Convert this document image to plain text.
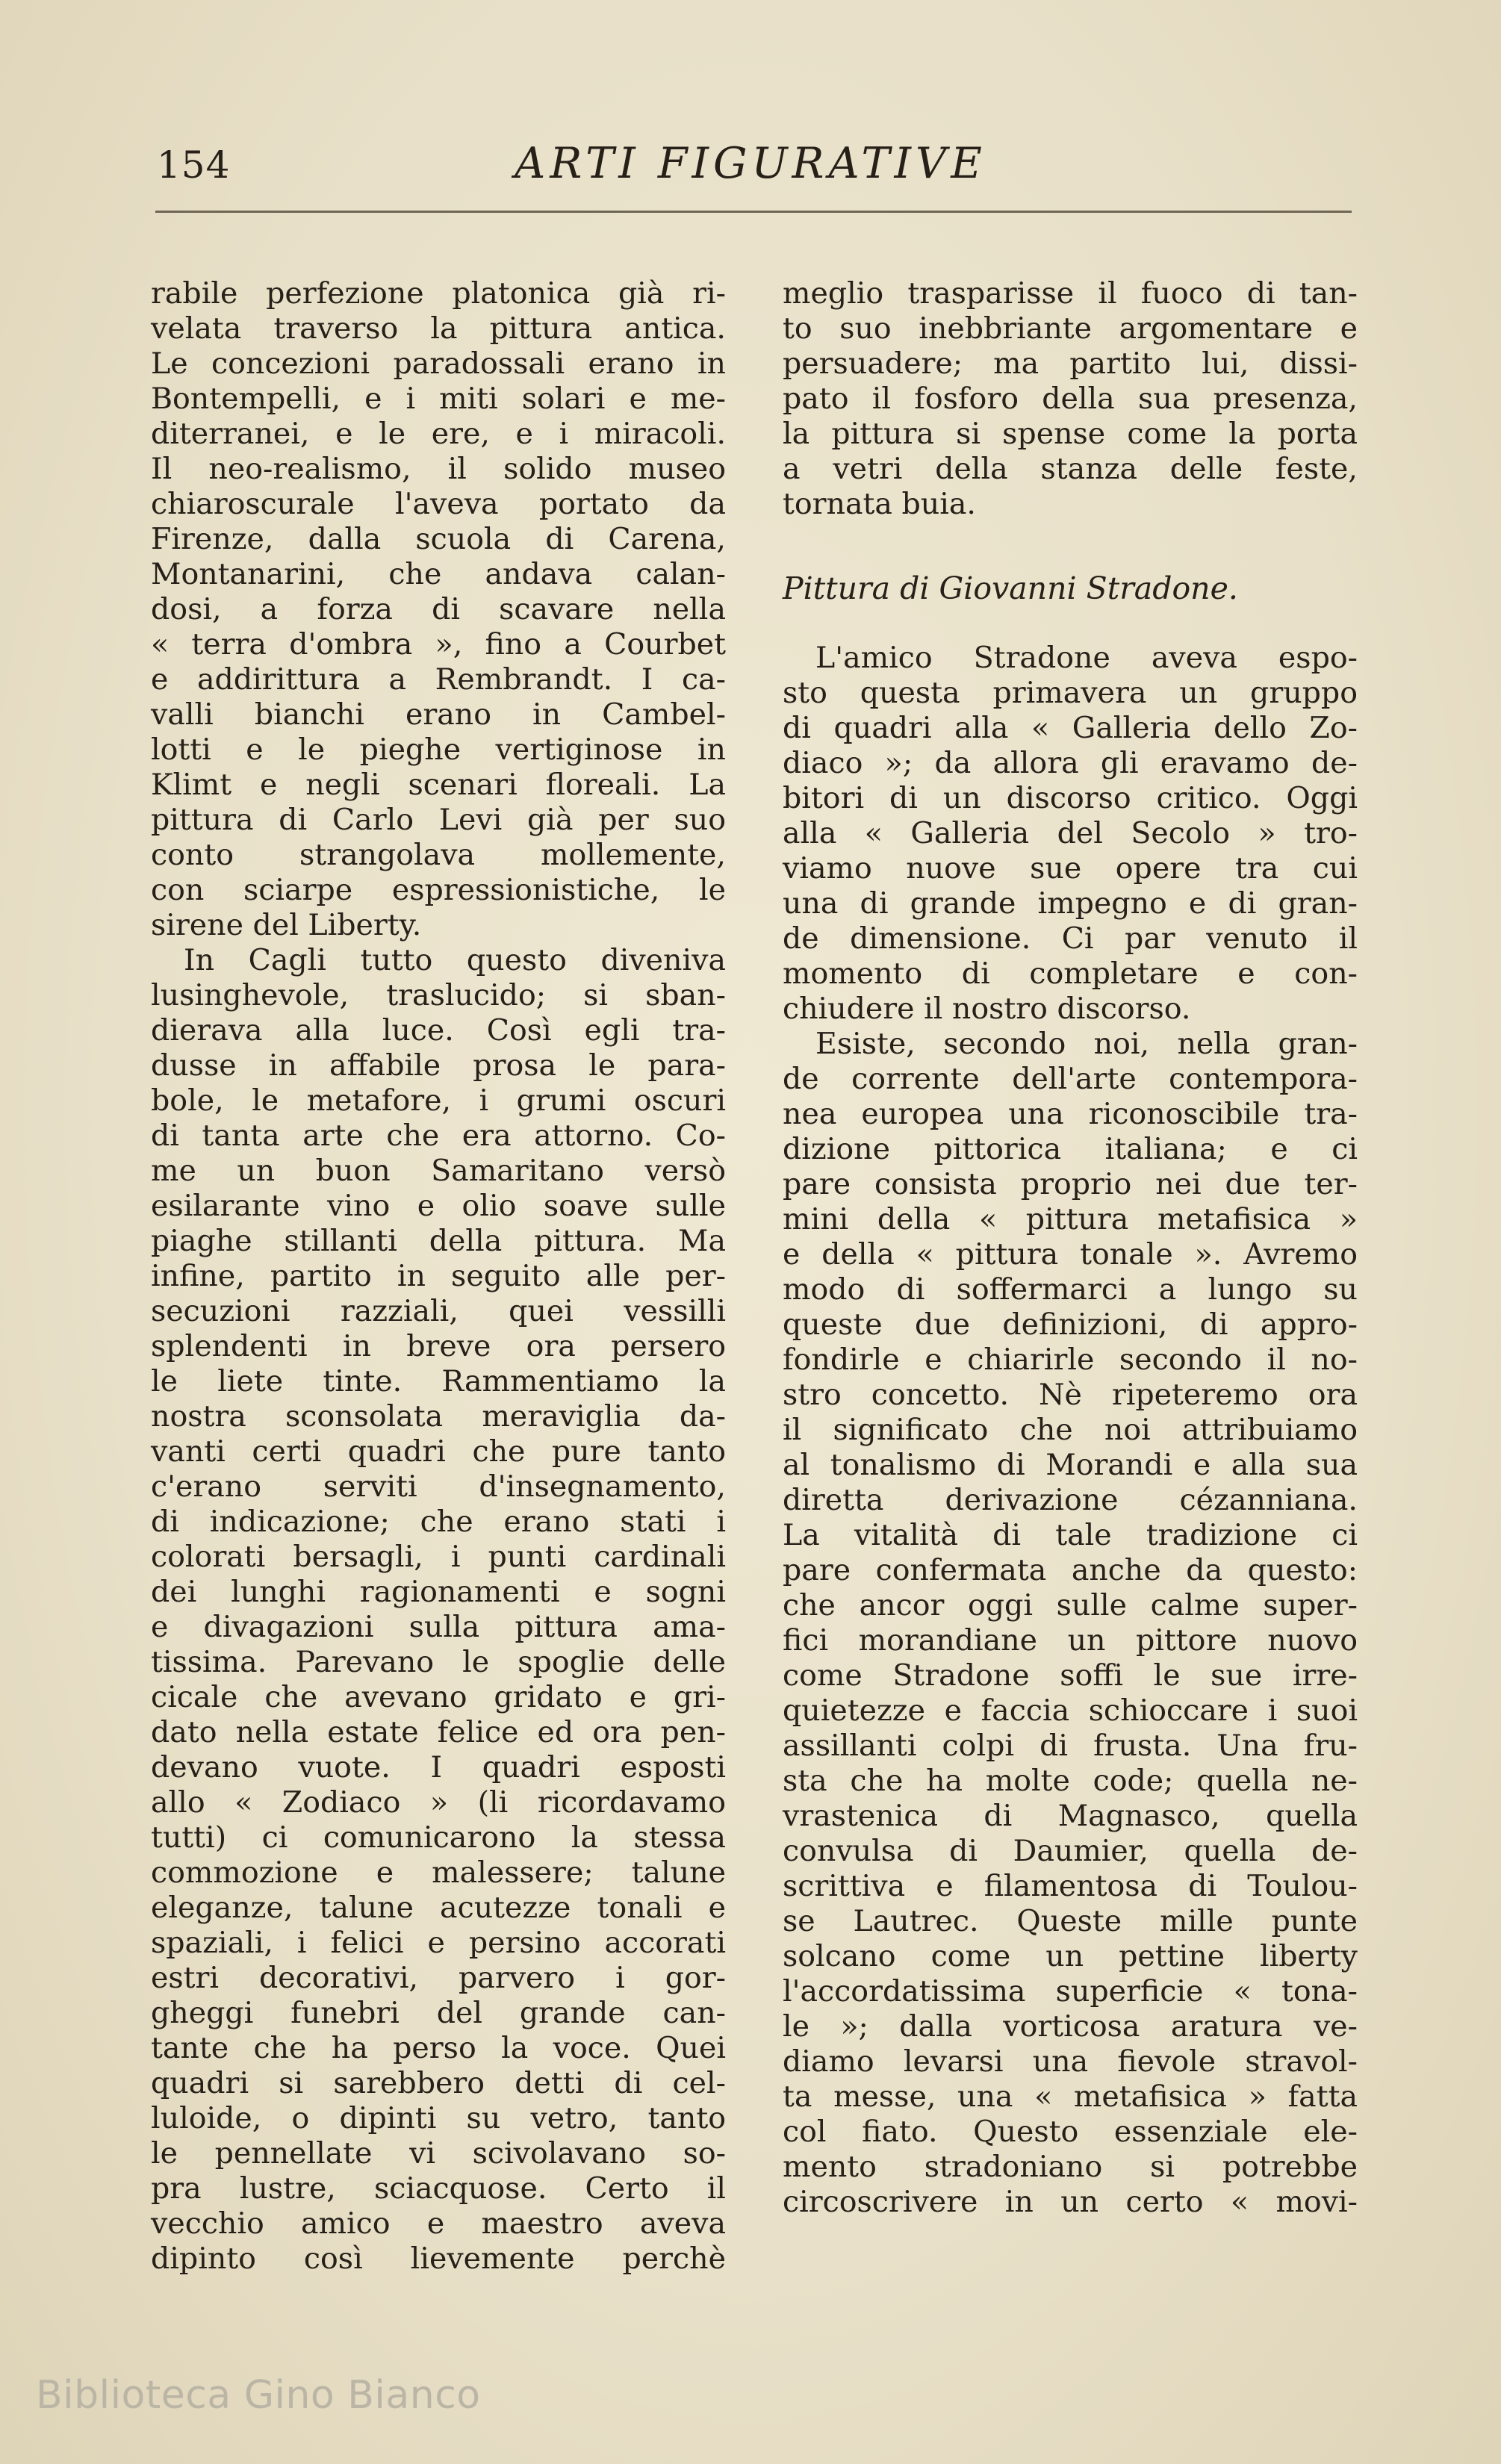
154	ARTI FIGURATIVE
rabile perfezione platonica già ri-
velata traverso la pittura antica.
Le concezioni paradossali erano in
Bontempelli, e i miti solari e me-
diterranei, e le ere, e i miracoli.
Il neo-realismo, il solido museo
chiaroscurale l'aveva portato da
Firenze, dalla scuola di Carena,
Montanarini, che andava calan-
dosi, a forza di scavare nella
« terra d'ombra », fino a Courbet
e addirittura a Rembrandt. I ca-
valli bianchi erano in Cambel-
lotti e le pieghe vertiginose in
Klimt e negli scenari floreali. La
pittura di Carlo Levi già per suo
conto strangolava mollemente,
con sciarpe espressionistiche, le
sirene del Liberty.
In Cagli tutto questo diveniva
lusinghevole, traslucido; si sban-
dierava alla luce. Così egli tra-
dusse in affabile prosa le para-
bole, le metafore, i grumi oscuri
di tanta arte che era attorno. Co-
me un buon Samaritano versò
esilarante vino e olio soave sulle
piaghe stillanti della pittura. Ma
infine, partito in seguito alle per-
secuzioni razziali, quei vessilli
splendenti in breve ora persero
le liete tinte. Rammentiamo la
nostra sconsolata meraviglia da-
vanti certi quadri che pure tanto
c'erano serviti d'insegnamento,
di indicazione; che erano stati i
colorati bersagli, i punti cardinali
dei lunghi ragionamenti e sogni
e divagazioni sulla pittura ama-
tissima. Parevano le spoglie delle
cicale che avevano gridato e gri-
dato nella estate felice ed ora pen-
devano vuote. I quadri esposti
allo « Zodiaco » (li ricordavamo
tutti) ci comunicarono la stessa
commozione e malessere; talune
eleganze, talune acutezze tonali e
spaziali, i felici e persino accorati
estri decorativi, parvero i gor-
gheggi funebri del grande can-
tante che ha perso la voce. Quei
quadri si sarebbero detti di cel-
luloide, o dipinti su vetro, tanto
le pennellate vi scivolavano so-
pra lustre, sciacquose. Certo il
vecchio amico e maestro aveva
dipinto così lievemente perchè
meglio trasparisse il fuoco di tan-
to suo inebbriante argomentare e
persuadere; ma partito lui, dissi-
pato il fosforo della sua presenza,
la pittura si spense come la porta
a vetri della stanza delle feste,
tornata buia.
Pittura di Giovanni Stradone.
L'amico Stradone aveva espo-
sto questa primavera un gruppo
di quadri alla « Galleria dello Zo-
diaco »; da allora gli eravamo de-
bitori di un discorso critico. Oggi
alla « Galleria del Secolo » tro-
viamo nuove sue opere tra cui
una di grande impegno e di gran-
de dimensione. Ci par venuto il
momento di completare e con-
chiudere il nostro discorso.
Esiste, secondo noi, nella gran-
de corrente dell'arte contempora-
nea europea una riconoscibile tra-
dizione pittorica italiana; e ci
pare consista proprio nei due ter-
mini della « pittura metafisica »
e della « pittura tonale ». Avremo
modo di soffermarci a lungo su
queste due definizioni, di appro-
fondirle e chiarirle secondo il no-
stro concetto. Nè ripeteremo ora
il significato che noi attribuiamo
al tonalismo di Morandi e alla sua
diretta derivazione cézanniana.
La vitalità di tale tradizione ci
pare confermata anche da questo:
che ancor oggi sulle calme super-
fici morandiane un pittore nuovo
come Stradone soffi le sue irre-
quietezze e faccia schioccare i suoi
assillanti colpi di frusta. Una fru-
sta che ha molte code; quella ne-
vrastenica di Magnasco, quella
convulsa di Daumier, quella de-
scrittiva e filamentosa di Toulou-
se Lautrec. Queste mille punte
solcano come un pettine liberty
l'accordatissima superficie « tona-
le »; dalla vorticosa aratura ve-
diamo levarsi una fievole stravol-
ta messe, una « metafisica » fatta
col fiato. Questo essenziale ele-
mento stradoniano si potrebbe
circoscrivere in un certo « movi-
Biblioteca Gino Bianco
